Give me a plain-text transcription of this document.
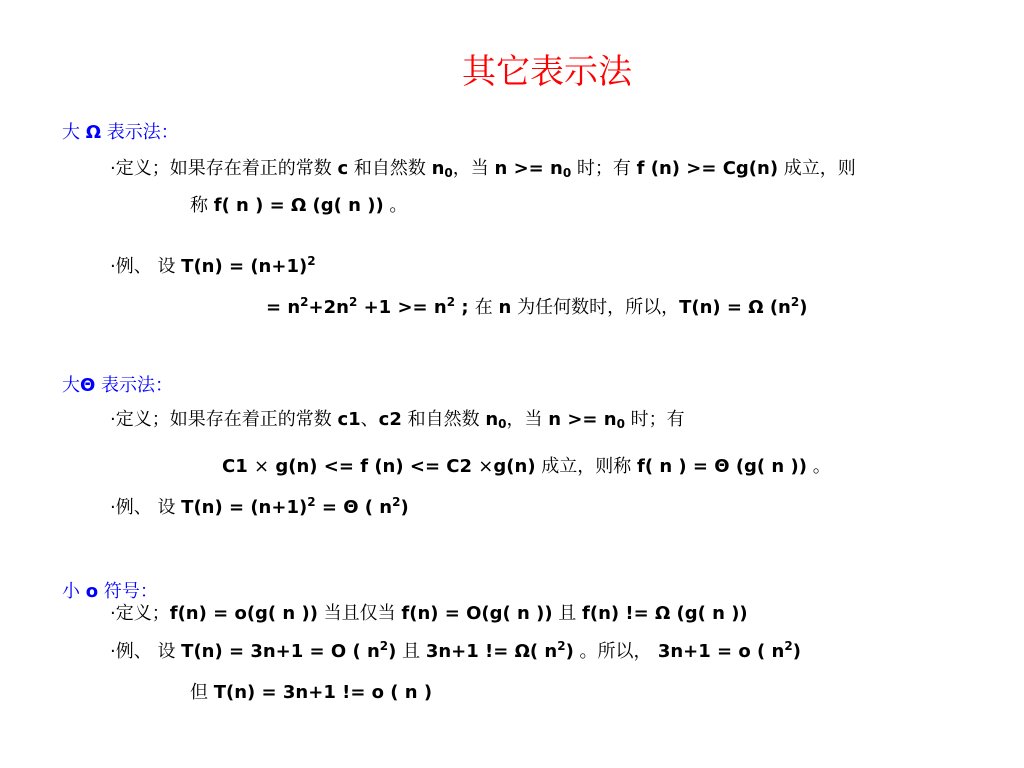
其它表示法
大 Ω 表示法：
·定义；如果存在着正的常数 c 和自然数 $n_0$，当 $n >= n_0$ 时；有 f (n) >= Cg(n) 成立，则
称 f( n ) = Ω (g( n )) 。
·例、 设 $T(n) = (n+1)^2$
= $n^2+2n^2 +1 >= n^2$ ; 在 n 为任何数时，所以，T(n) = Ω $(n^2)$
大Θ 表示法：
·定义；如果存在着正的常数 c1、c2 和自然数 $n_0$，当 $n >= n_0$ 时；有
C1 × g(n) <= f (n) <= C2 ×g(n) 成立，则称 f( n ) = Θ (g( n )) 。
·例、 设 $T(n) = (n+1)^2 = \Theta$ ( $n^2$)
小 o 符号：
·定义；f(n) = o(g( n )) 当且仅当 f(n) = O(g( n )) 且 f(n) != Ω (g( n ))
·例、 设 T(n) = 3n+1 = O ( $n^2$) 且 3n+1 != Ω( $n^2$) 。所以， 3n+1 = o ( $n^2$)
但 T(n) = 3n+1 != o ( n )
